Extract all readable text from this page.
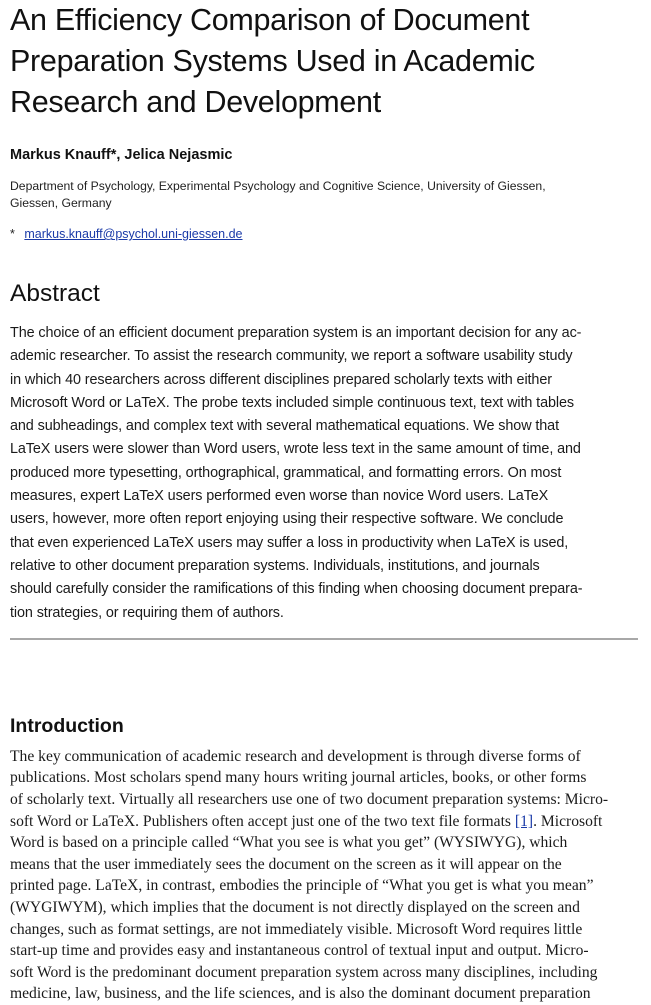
An Efficiency Comparison of Document
Preparation Systems Used in Academic
Research and Development
Markus Knauff*, Jelica Nejasmic
Department of Psychology, Experimental Psychology and Cognitive Science, University of Giessen,
Giessen, Germany
* markus.knauff@psychol.uni-giessen.de
Abstract
The choice of an efficient document preparation system is an important decision for any ac-
ademic researcher. To assist the research community, we report a software usability study
in which 40 researchers across different disciplines prepared scholarly texts with either
Microsoft Word or LaTeX. The probe texts included simple continuous text, text with tables
and subheadings, and complex text with several mathematical equations. We show that
LaTeX users were slower than Word users, wrote less text in the same amount of time, and
produced more typesetting, orthographical, grammatical, and formatting errors. On most
measures, expert LaTeX users performed even worse than novice Word users. LaTeX
users, however, more often report enjoying using their respective software. We conclude
that even experienced LaTeX users may suffer a loss in productivity when LaTeX is used,
relative to other document preparation systems. Individuals, institutions, and journals
should carefully consider the ramifications of this finding when choosing document prepara-
tion strategies, or requiring them of authors.
Introduction
The key communication of academic research and development is through diverse forms of
publications. Most scholars spend many hours writing journal articles, books, or other forms
of scholarly text. Virtually all researchers use one of two document preparation systems: Micro-
soft Word or LaTeX. Publishers often accept just one of the two text file formats [1]. Microsoft
Word is based on a principle called “What you see is what you get” (WYSIWYG), which
means that the user immediately sees the document on the screen as it will appear on the
printed page. LaTeX, in contrast, embodies the principle of “What you get is what you mean”
(WYGIWYM), which implies that the document is not directly displayed on the screen and
changes, such as format settings, are not immediately visible. Microsoft Word requires little
start-up time and provides easy and instantaneous control of textual input and output. Micro-
soft Word is the predominant document preparation system across many disciplines, including
medicine, law, business, and the life sciences, and is also the dominant document preparation
